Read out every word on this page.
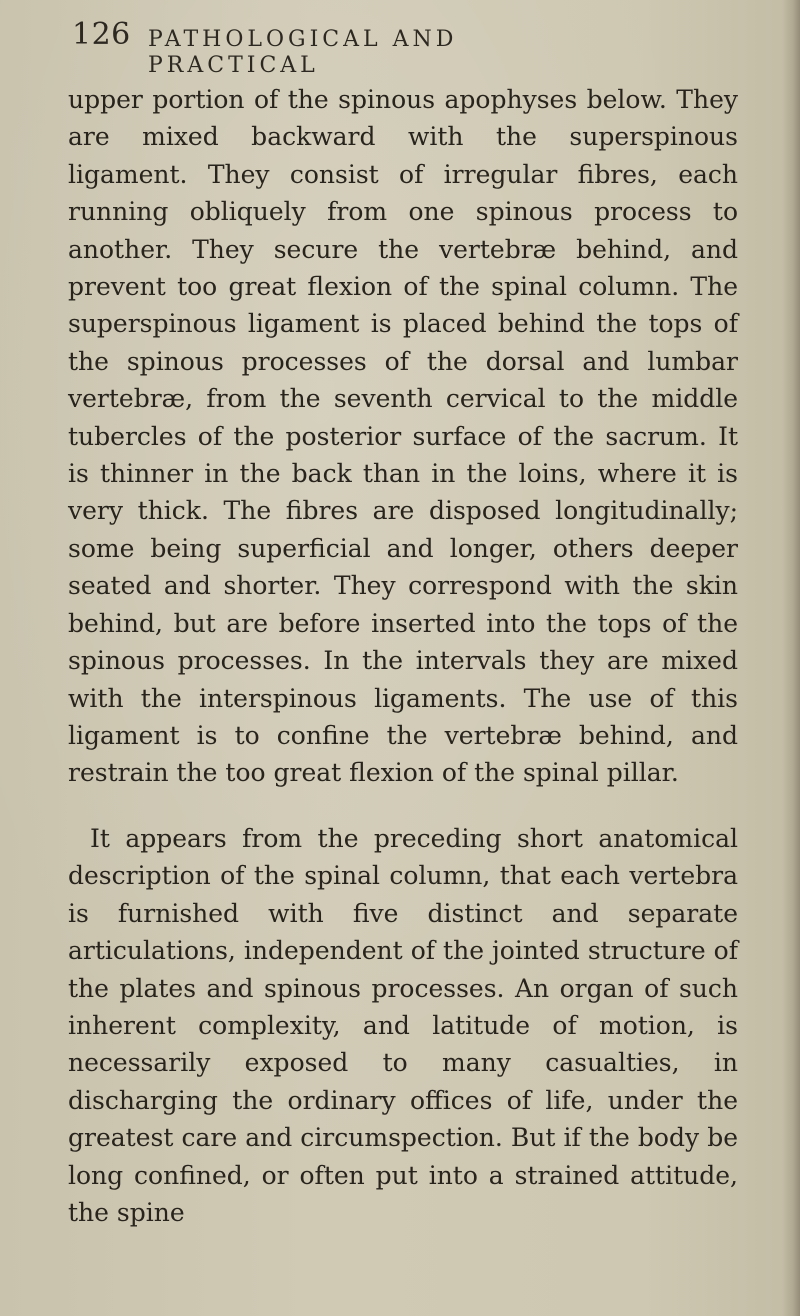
126 PATHOLOGICAL AND PRACTICAL

upper portion of the spinous apophyses below. They are mixed backward with the superspinous ligament. They consist of irregular fibres, each running obliquely from one spinous process to another. They secure the vertebræ behind, and prevent too great flexion of the spinal column. The superspinous ligament is placed behind the tops of the spinous processes of the dorsal and lumbar vertebræ, from the seventh cervical to the middle tubercles of the posterior surface of the sacrum. It is thinner in the back than in the loins, where it is very thick. The fibres are disposed longitudinally; some being superficial and longer, others deeper seated and shorter. They correspond with the skin behind, but are before inserted into the tops of the spinous processes. In the intervals they are mixed with the interspinous ligaments. The use of this ligament is to confine the vertebræ behind, and restrain the too great flexion of the spinal pillar.

It appears from the preceding short anatomical description of the spinal column, that each vertebra is furnished with five distinct and separate articulations, independent of the jointed structure of the plates and spinous processes. An organ of such inherent complexity, and latitude of motion, is necessarily exposed to many casualties, in discharging the ordinary offices of life, under the greatest care and circumspection. But if the body be long confined, or often put into a strained attitude, the spine
